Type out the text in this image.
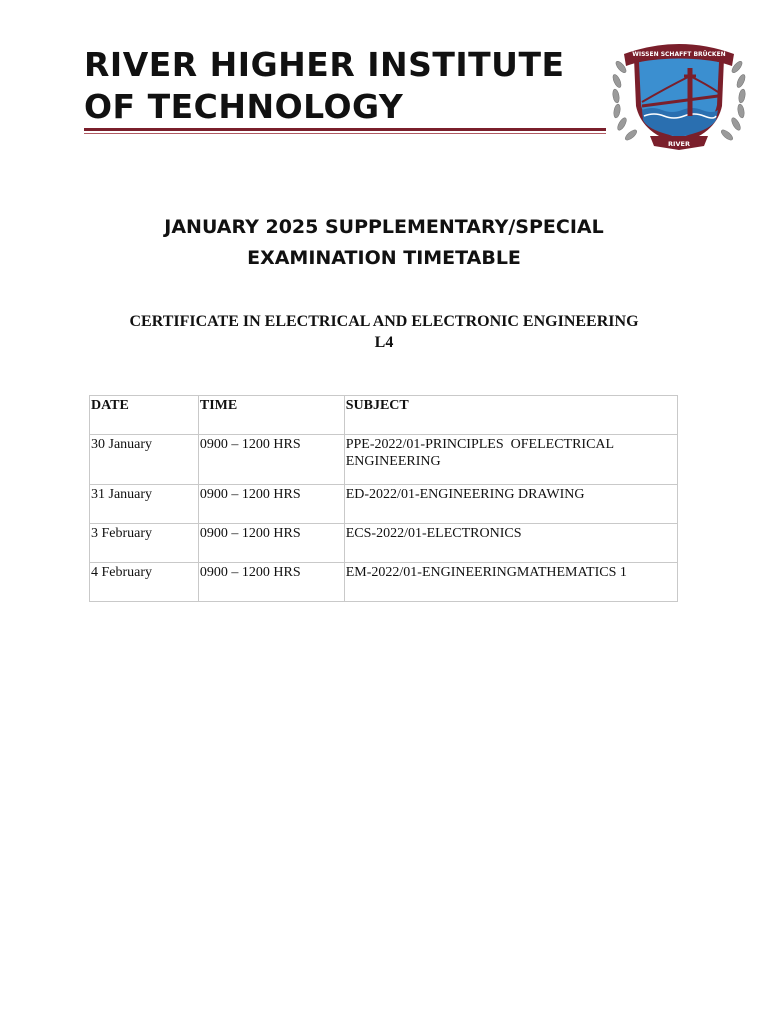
RIVER HIGHER INSTITUTE
OF TECHNOLOGY
WISSEN SCHAFFT BRÜCKEN
RIVER
JANUARY 2025 SUPPLEMENTARY/SPECIAL
EXAMINATION TIMETABLE
CERTIFICATE IN ELECTRICAL AND ELECTRONIC ENGINEERING
L4
DATE	TIME	SUBJECT
30 January	0900 – 1200 HRS	PPE-2022/01-PRINCIPLES  OFELECTRICAL ENGINEERING
31 January	0900 – 1200 HRS	ED-2022/01-ENGINEERING DRAWING
3 February	0900 – 1200 HRS	ECS-2022/01-ELECTRONICS
4 February	0900 – 1200 HRS	EM-2022/01-ENGINEERINGMATHEMATICS 1
